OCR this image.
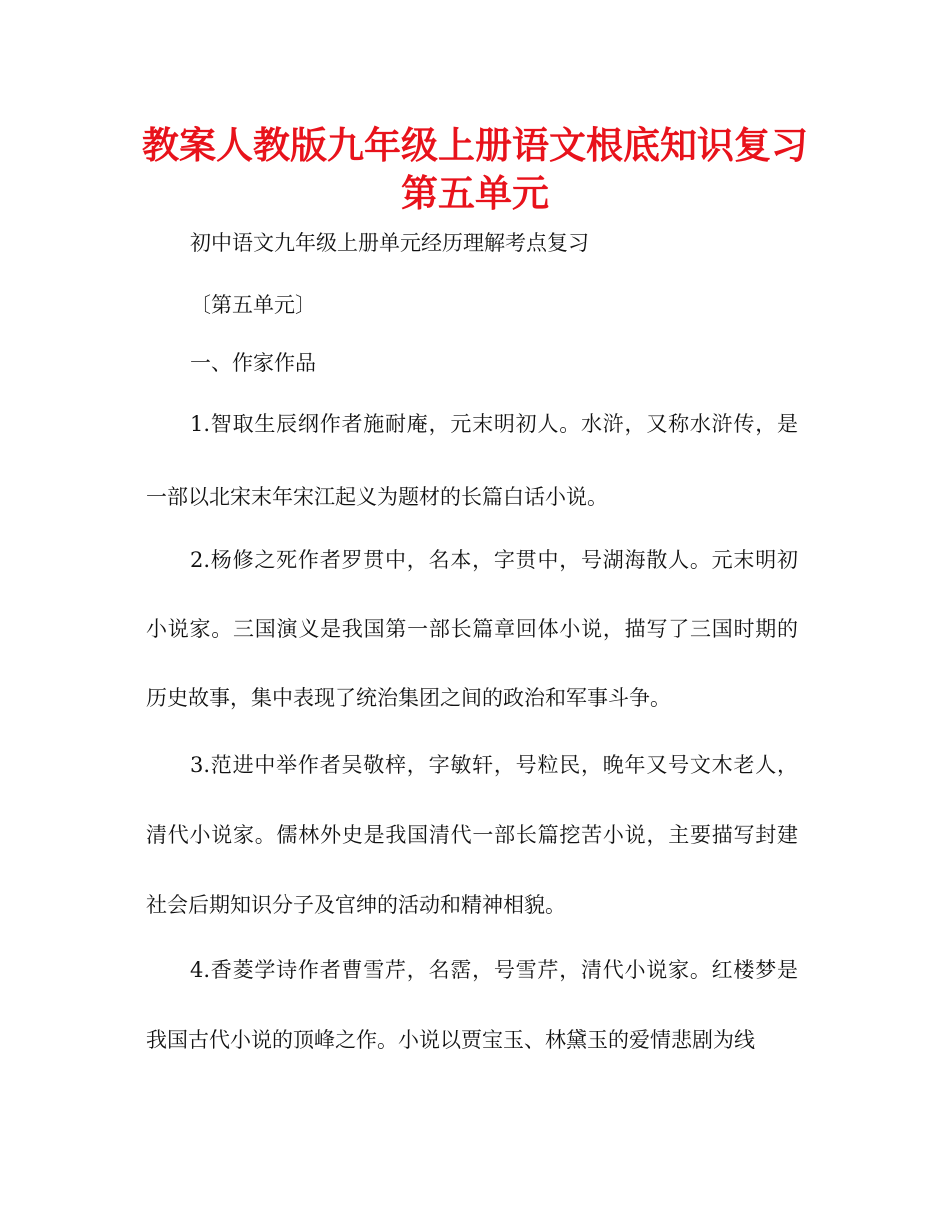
教案人教版九年级上册语文根底知识复习
第五单元
初中语文九年级上册单元经历理解考点复习
〔第五单元〕
一、作家作品
1.智取生辰纲作者施耐庵，元末明初人。水浒，又称水浒传，是
一部以北宋末年宋江起义为题材的长篇白话小说。
2.杨修之死作者罗贯中，名本，字贯中，号湖海散人。元末明初
小说家。三国演义是我国第一部长篇章回体小说，描写了三国时期的
历史故事，集中表现了统治集团之间的政治和军事斗争。
3.范进中举作者吴敬梓，字敏轩，号粒民，晚年又号文木老人，
清代小说家。儒林外史是我国清代一部长篇挖苦小说，主要描写封建
社会后期知识分子及官绅的活动和精神相貌。
4.香菱学诗作者曹雪芹，名霑，号雪芹，清代小说家。红楼梦是
我国古代小说的顶峰之作。小说以贾宝玉、林黛玉的爱情悲剧为线
